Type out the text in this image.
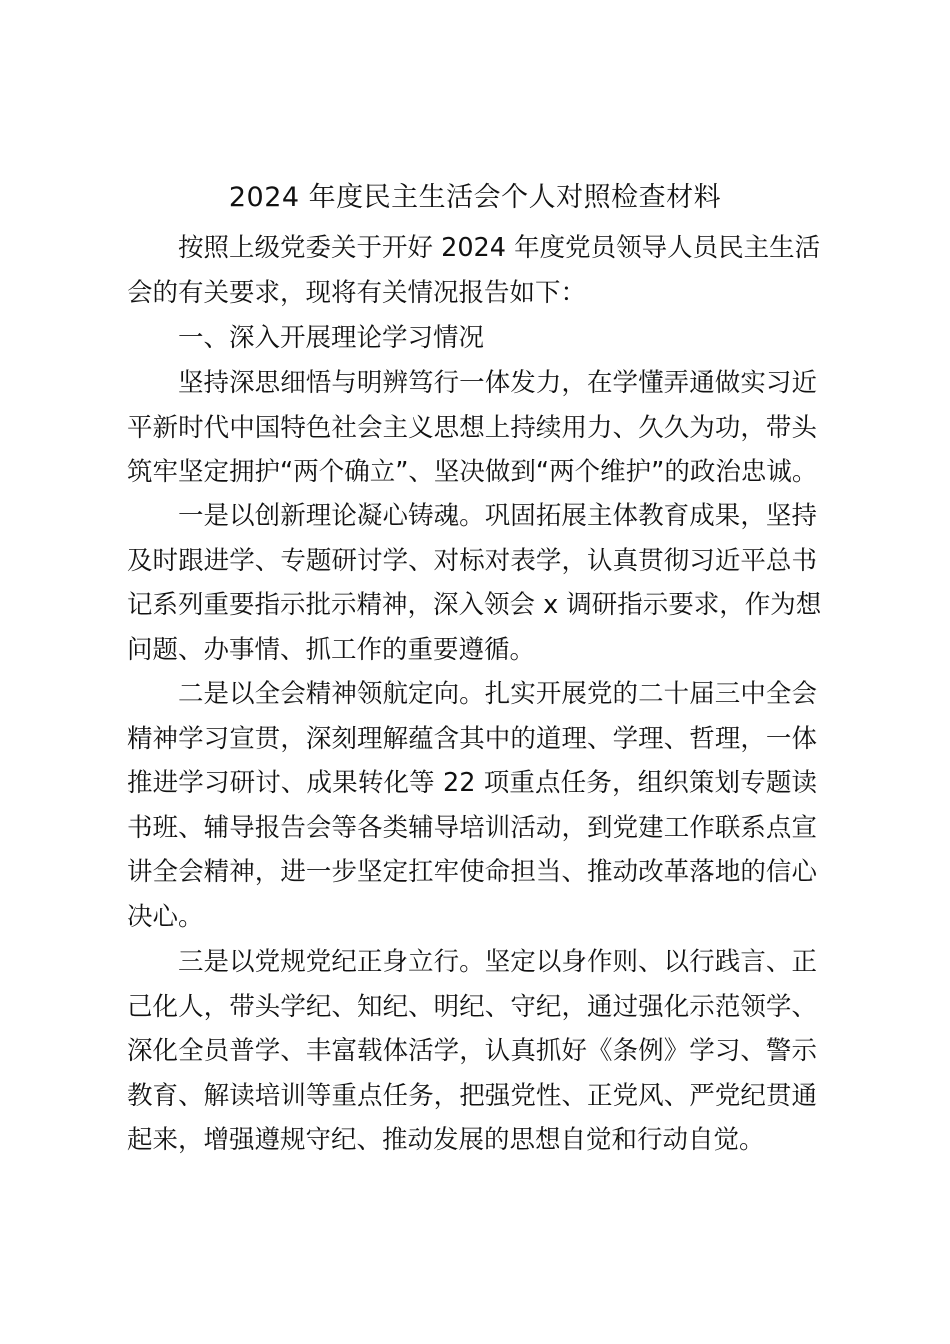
2024 年度民主生活会个人对照检查材料
按照上级党委关于开好 2024 年度党员领导人员民主生活
会的有关要求，现将有关情况报告如下：
一、深入开展理论学习情况
坚持深思细悟与明辨笃行一体发力，在学懂弄通做实习近
平新时代中国特色社会主义思想上持续用力、久久为功，带头
筑牢坚定拥护“两个确立”、坚决做到“两个维护”的政治忠诚。
一是以创新理论凝心铸魂。巩固拓展主体教育成果，坚持
及时跟进学、专题研讨学、对标对表学，认真贯彻习近平总书
记系列重要指示批示精神，深入领会 x 调研指示要求，作为想
问题、办事情、抓工作的重要遵循。
二是以全会精神领航定向。扎实开展党的二十届三中全会
精神学习宣贯，深刻理解蕴含其中的道理、学理、哲理，一体
推进学习研讨、成果转化等 22 项重点任务，组织策划专题读
书班、辅导报告会等各类辅导培训活动，到党建工作联系点宣
讲全会精神，进一步坚定扛牢使命担当、推动改革落地的信心
决心。
三是以党规党纪正身立行。坚定以身作则、以行践言、正
己化人，带头学纪、知纪、明纪、守纪，通过强化示范领学、
深化全员普学、丰富载体活学，认真抓好《条例》学习、警示
教育、解读培训等重点任务，把强党性、正党风、严党纪贯通
起来，增强遵规守纪、推动发展的思想自觉和行动自觉。
